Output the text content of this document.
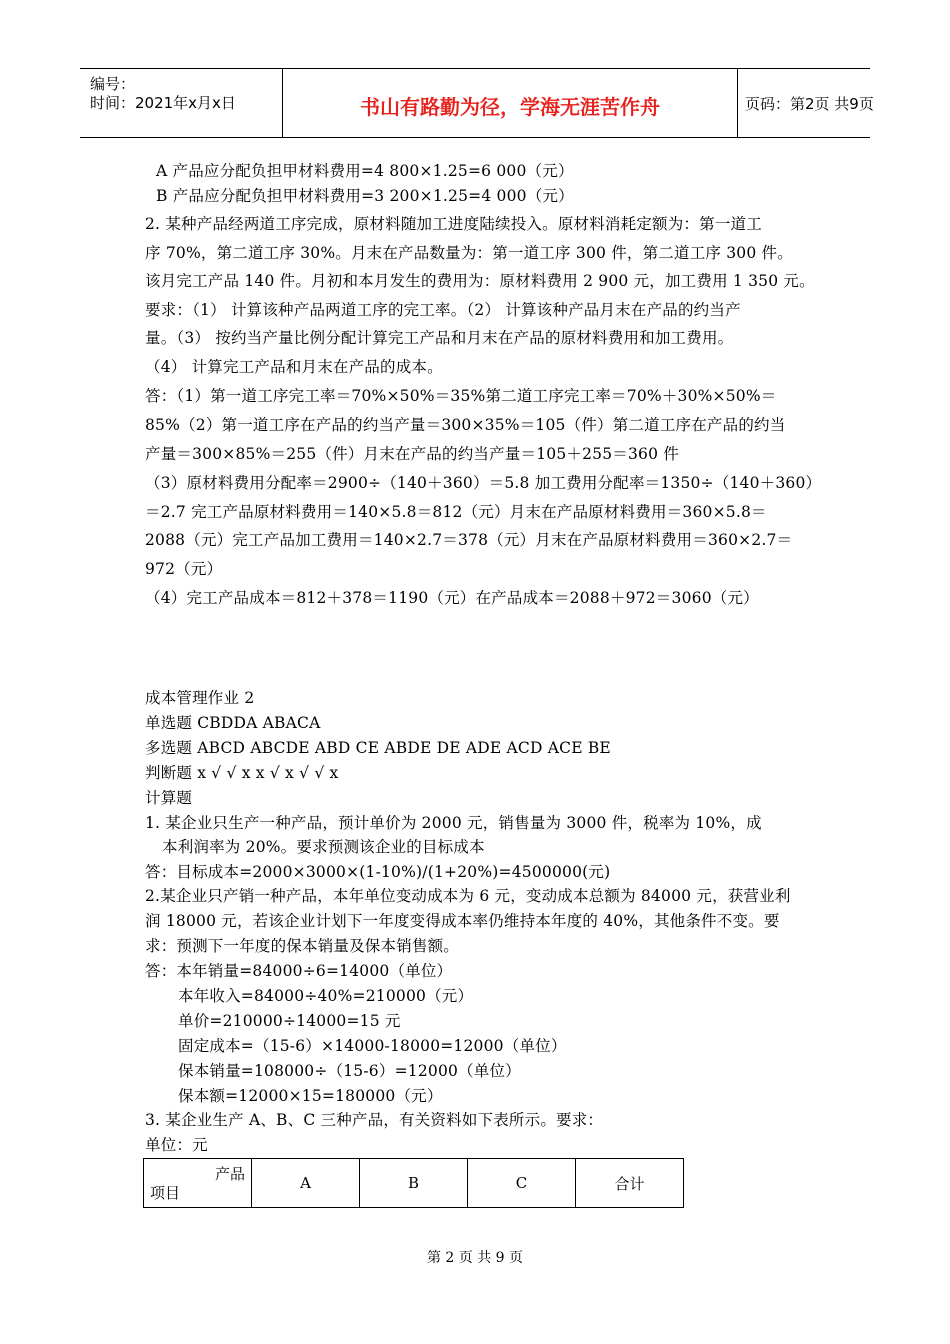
编号：
时间：2021年x月x日	书山有路勤为径，学海无涯苦作舟	页码：第2页 共9页
A 产品应分配负担甲材料费用=4 800×1.25=6 000（元）
B 产品应分配负担甲材料费用=3 200×1.25=4 000（元）
2. 某种产品经两道工序完成，原材料随加工进度陆续投入。原材料消耗定额为：第一道工
序 70%，第二道工序 30%。月末在产品数量为：第一道工序 300 件，第二道工序 300 件。
该月完工产品 140 件。月初和本月发生的费用为：原材料费用 2 900 元，加工费用 1 350 元。
要求：（1） 计算该种产品两道工序的完工率。（2） 计算该种产品月末在产品的约当产
量。（3） 按约当产量比例分配计算完工产品和月末在产品的原材料费用和加工费用。
（4） 计算完工产品和月末在产品的成本。
答：（1）第一道工序完工率＝70%×50%＝35%第二道工序完工率＝70%＋30%×50%＝
85%（2）第一道工序在产品的约当产量＝300×35%＝105（件）第二道工序在产品的约当
产量＝300×85%＝255（件）月末在产品的约当产量＝105＋255＝360 件
（3）原材料费用分配率＝2900÷（140＋360）＝5.8 加工费用分配率＝1350÷（140＋360）
＝2.7 完工产品原材料费用＝140×5.8＝812（元）月末在产品原材料费用＝360×5.8＝
2088（元）完工产品加工费用＝140×2.7＝378（元）月末在产品原材料费用＝360×2.7＝
972（元）
（4）完工产品成本＝812＋378＝1190（元）在产品成本＝2088＋972＝3060（元）
成本管理作业 2
单选题 CBDDA ABACA
多选题 ABCD ABCDE ABD CE ABDE DE ADE ACD ACE BE
判断题 x √ √ x x √ x √ √ x
计算题
1. 某企业只生产一种产品，预计单价为 2000 元，销售量为 3000 件，税率为 10%，成
本利润率为 20%。要求预测该企业的目标成本
答：目标成本=2000×3000×(1-10%)/(1+20%)=4500000(元)
2.某企业只产销一种产品，本年单位变动成本为 6 元，变动成本总额为 84000 元，获营业利
润 18000 元，若该企业计划下一年度变得成本率仍维持本年度的 40%，其他条件不变。要
求：预测下一年度的保本销量及保本销售额。
答：本年销量=84000÷6=14000（单位）
本年收入=84000÷40%=210000（元）
单价=210000÷14000=15 元
固定成本=（15-6）×14000-18000=12000（单位）
保本销量=108000÷（15-6）=12000（单位）
保本额=12000×15=180000（元）
3. 某企业生产 A、B、C 三种产品，有关资料如下表所示。要求：
单位：元
产品
项目
	A	B	C	合计
第 2 页 共 9 页
